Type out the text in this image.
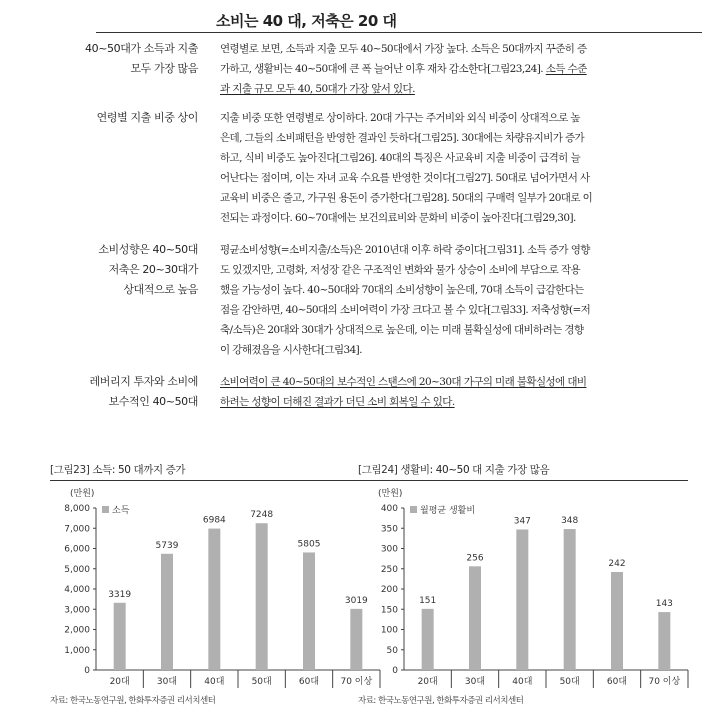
소비는 40 대, 저축은 20 대
40~50대가 소득과 지출
모두 가장 많음
연령별로 보면, 소득과 지출 모두 40~50대에서 가장 높다. 소득은 50대까지 꾸준히 증
가하고, 생활비는 40~50대에 큰 폭 늘어난 이후 재차 감소한다[그림23,24]. 소득 수준
과 지출 규모 모두 40, 50대가 가장 앞서 있다.
연령별 지출 비중 상이 지출 비중 또한 연령별로 상이하다. 20대 가구는 주거비와 외식 비중이 상대적으로 높
은데, 그들의 소비패턴을 반영한 결과인 듯하다[그림25]. 30대에는 차량유지비가 증가
하고, 식비 비중도 높아진다[그림26]. 40대의 특징은 사교육비 지출 비중이 급격히 늘
어난다는 점이며, 이는 자녀 교육 수요를 반영한 것이다[그림27]. 50대로 넘어가면서 사
교육비 비중은 줄고, 가구원 용돈이 증가한다[그림28]. 50대의 구매력 일부가 20대로 이
전되는 과정이다. 60~70대에는 보건의료비와 문화비 비중이 높아진다[그림29,30].
소비성향은 40~50대
저축은 20~30대가
상대적으로 높음
평균소비성향(=소비지출/소득)은 2010년대 이후 하락 중이다[그림31]. 소득 증가 영향
도 있겠지만, 고령화, 저성장 같은 구조적인 변화와 물가 상승이 소비에 부담으로 작용
했을 가능성이 높다. 40~50대와 70대의 소비성향이 높은데, 70대 소득이 급감한다는
점을 감안하면, 40~50대의 소비여력이 가장 크다고 볼 수 있다[그림33]. 저축성향(=저
축/소득)은 20대와 30대가 상대적으로 높은데, 이는 미래 불확실성에 대비하려는 경향
이 강해졌음을 시사한다[그림34].
레버리지 투자와 소비에
보수적인 40~50대
소비여력이 큰 40~50대의 보수적인 스탠스에 20~30대 가구의 미래 불확실성에 대비
하려는 성향이 더해진 결과가 더딘 소비 회복일 수 있다.
[그림23] 소득: 50 대까지 증가
(만원)
0
1,000
2,000
3,000
4,000
5,000
6,000
7,000
8,000
3319
20대
5739
30대
6984
40대
7248
50대
5805
60대
3019
70 이상
소득
자료: 한국노동연구원, 한화투자증권 리서치센터
[그림24] 생활비: 40~50 대 지출 가장 많음
(만원)
0
50
100
150
200
250
300
350
400
151
20대
256
30대
347
40대
348
50대
242
60대
143
70 이상
월평균 생활비
자료: 한국노동연구원, 한화투자증권 리서치센터
